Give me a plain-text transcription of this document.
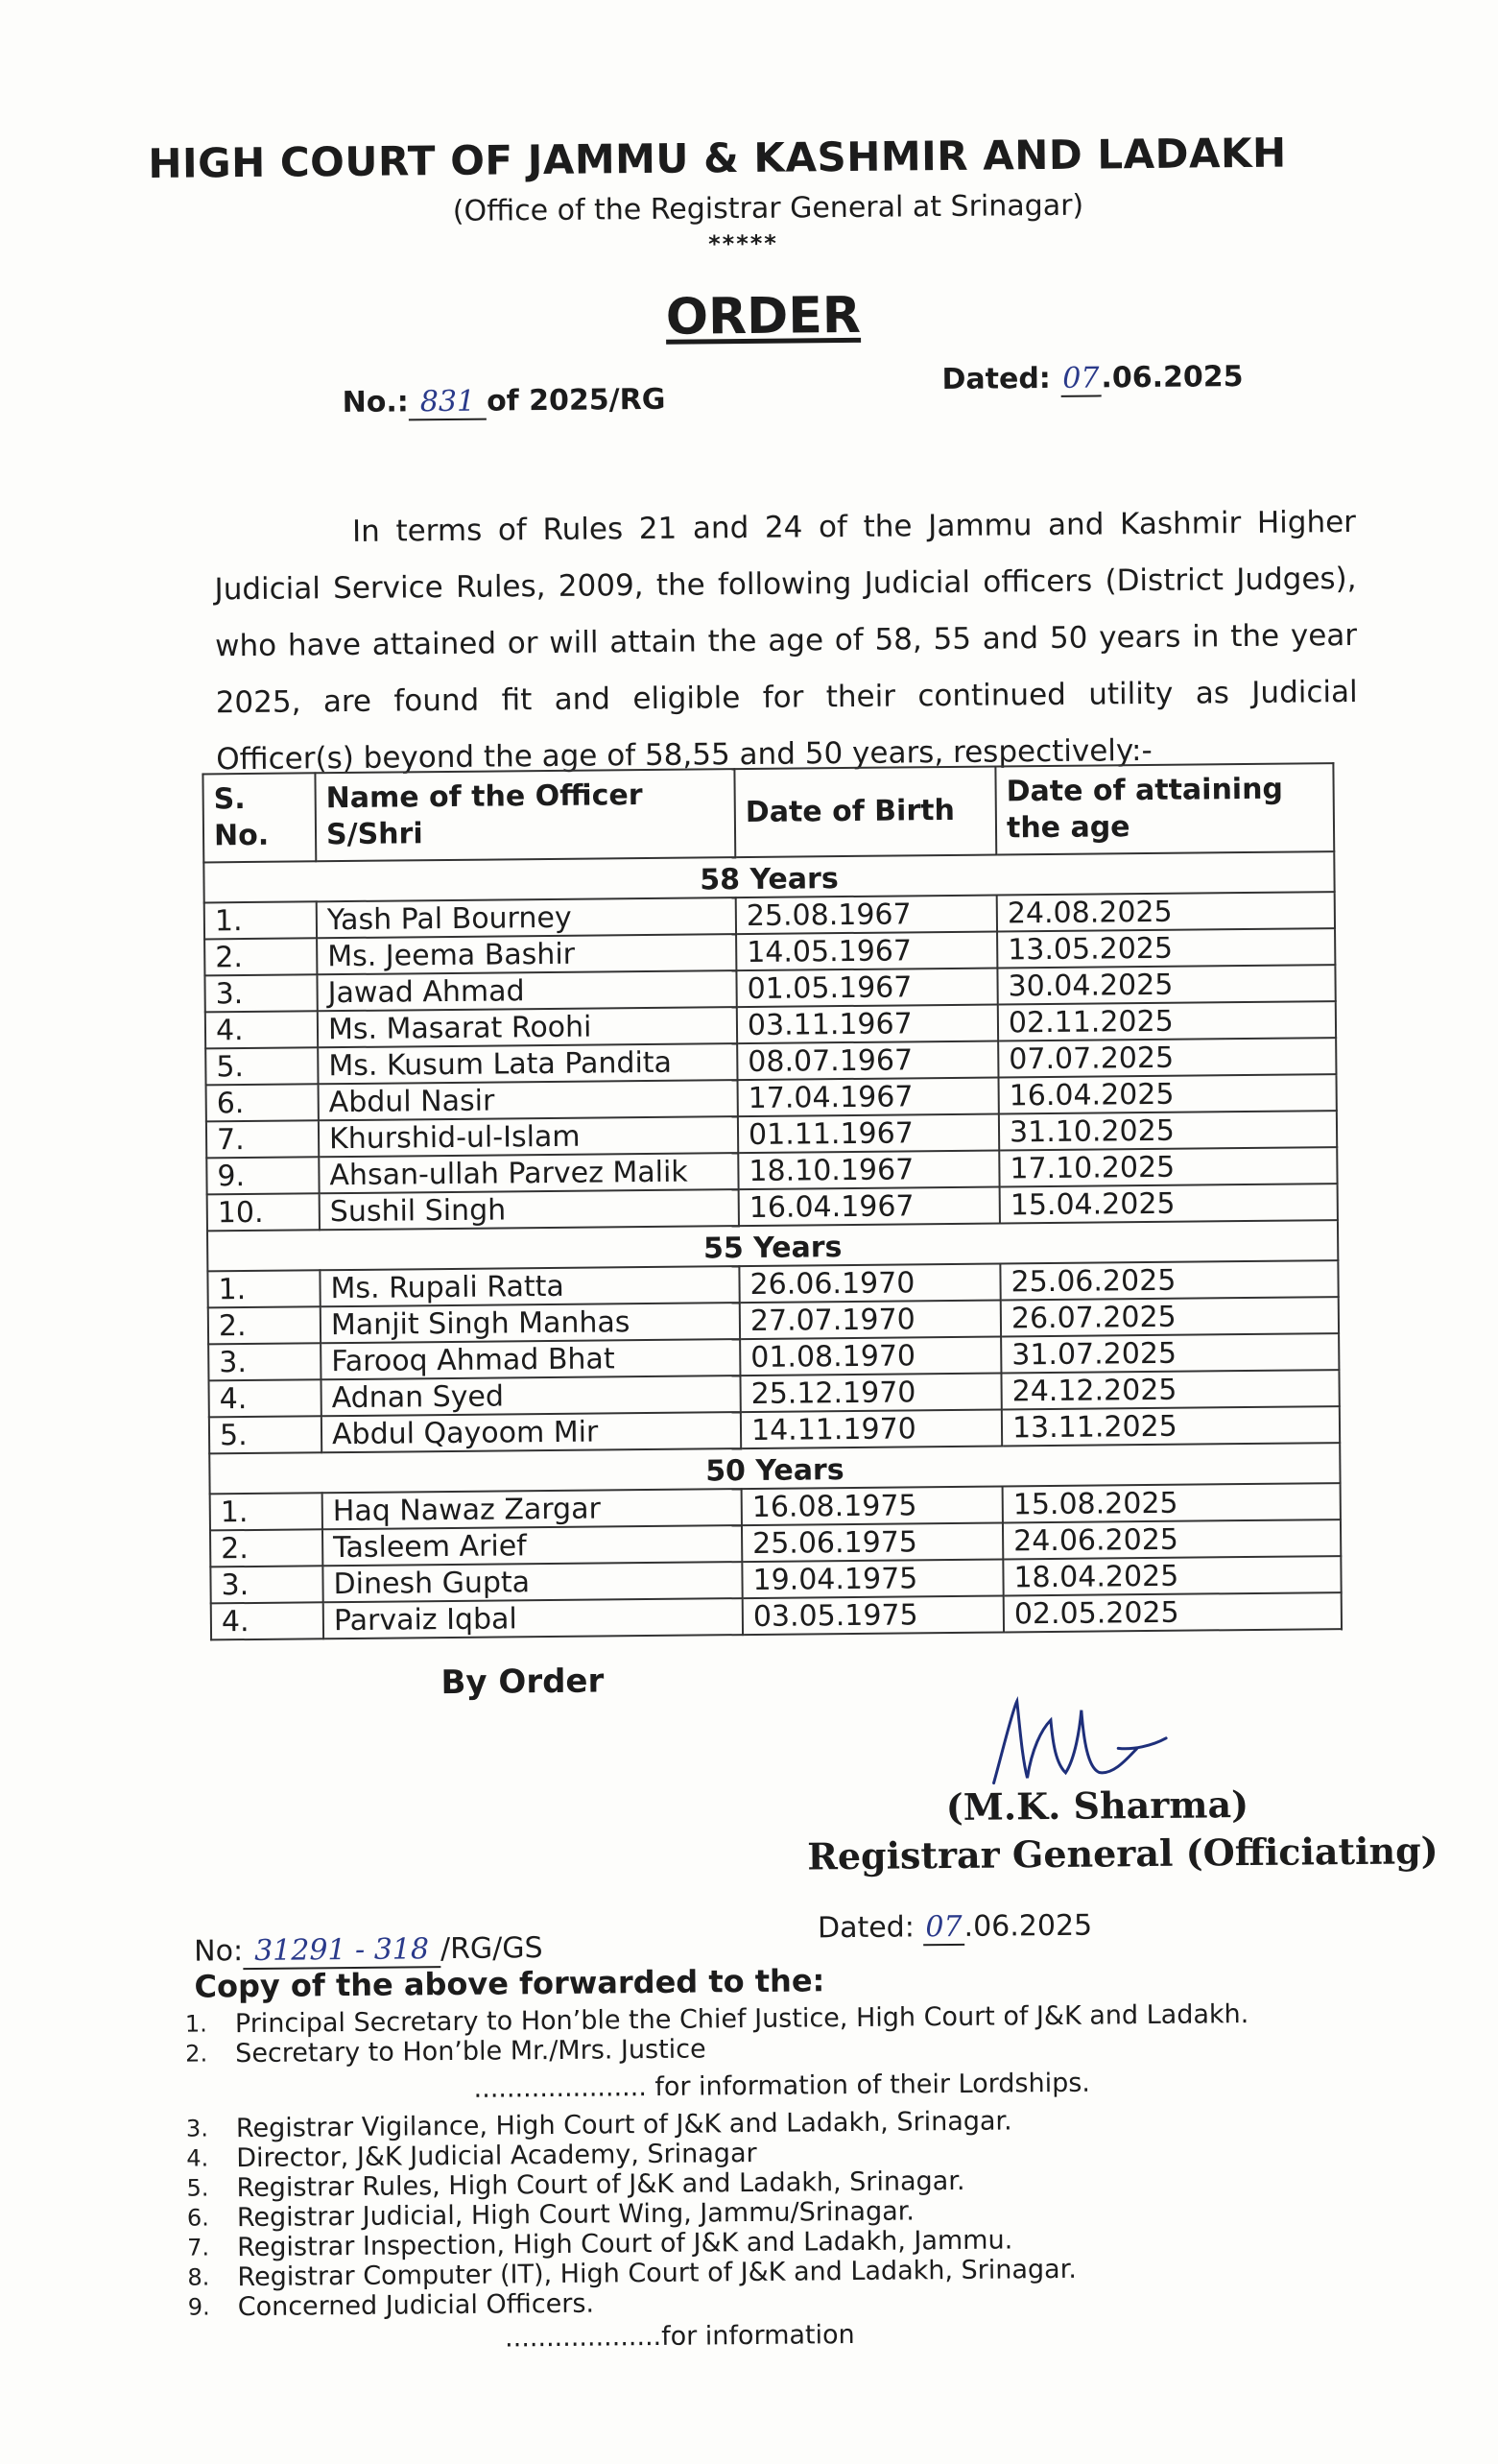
HIGH COURT OF JAMMU & KASHMIR AND LADAKH
(Office of the Registrar General at Srinagar)
*****
ORDER
No.: 831 of 2025/RG
Dated: 07.06.2025

In terms of Rules 21 and 24 of the Jammu and Kashmir Higher Judicial Service Rules, 2009, the following Judicial officers (District Judges), who have attained or will attain the age of 58, 55 and 50 years in the year 2025, are found fit and eligible for their continued utility as Judicial Officer(s) beyond the age of 58,55 and 50 years, respectively:-

S. No.	Name of the Officer S/Shri	Date of Birth	Date of attaining the age
58 Years			
1.	Yash Pal Bourney	25.08.1967	24.08.2025
2.	Ms. Jeema Bashir	14.05.1967	13.05.2025
3.	Jawad Ahmad	01.05.1967	30.04.2025
4.	Ms. Masarat Roohi	03.11.1967	02.11.2025
5.	Ms. Kusum Lata Pandita	08.07.1967	07.07.2025
6.	Abdul Nasir	17.04.1967	16.04.2025
7.	Khurshid-ul-Islam	01.11.1967	31.10.2025
9.	Ahsan-ullah Parvez Malik	18.10.1967	17.10.2025
10.	Sushil Singh	16.04.1967	15.04.2025
55 Years			
1.	Ms. Rupali Ratta	26.06.1970	25.06.2025
2.	Manjit Singh Manhas	27.07.1970	26.07.2025
3.	Farooq Ahmad Bhat	01.08.1970	31.07.2025
4.	Adnan Syed	25.12.1970	24.12.2025
5.	Abdul Qayoom Mir	14.11.1970	13.11.2025
50 Years			
1.	Haq Nawaz Zargar	16.08.1975	15.08.2025
2.	Tasleem Arief	25.06.1975	24.06.2025
3.	Dinesh Gupta	19.04.1975	18.04.2025
4.	Parvaiz Iqbal	03.05.1975	02.05.2025
By Order
(M.K. Sharma)
Registrar General (Officiating)
No: 31291 - 318 /RG/GS
Dated: 07.06.2025
Copy of the above forwarded to the:
1.	Principal Secretary to Hon’ble the Chief Justice, High Court of J&K and Ladakh.
2.	Secretary to Hon’ble Mr./Mrs. Justice
..................... for information of their Lordships.
3.	Registrar Vigilance, High Court of J&K and Ladakh, Srinagar.
4.	Director, J&K Judicial Academy, Srinagar
5.	Registrar Rules, High Court of J&K and Ladakh, Srinagar.
6.	Registrar Judicial, High Court Wing, Jammu/Srinagar.
7.	Registrar Inspection, High Court of J&K and Ladakh, Jammu.
8.	Registrar Computer (IT), High Court of J&K and Ladakh, Srinagar.
9.	Concerned Judicial Officers.
...................for information
